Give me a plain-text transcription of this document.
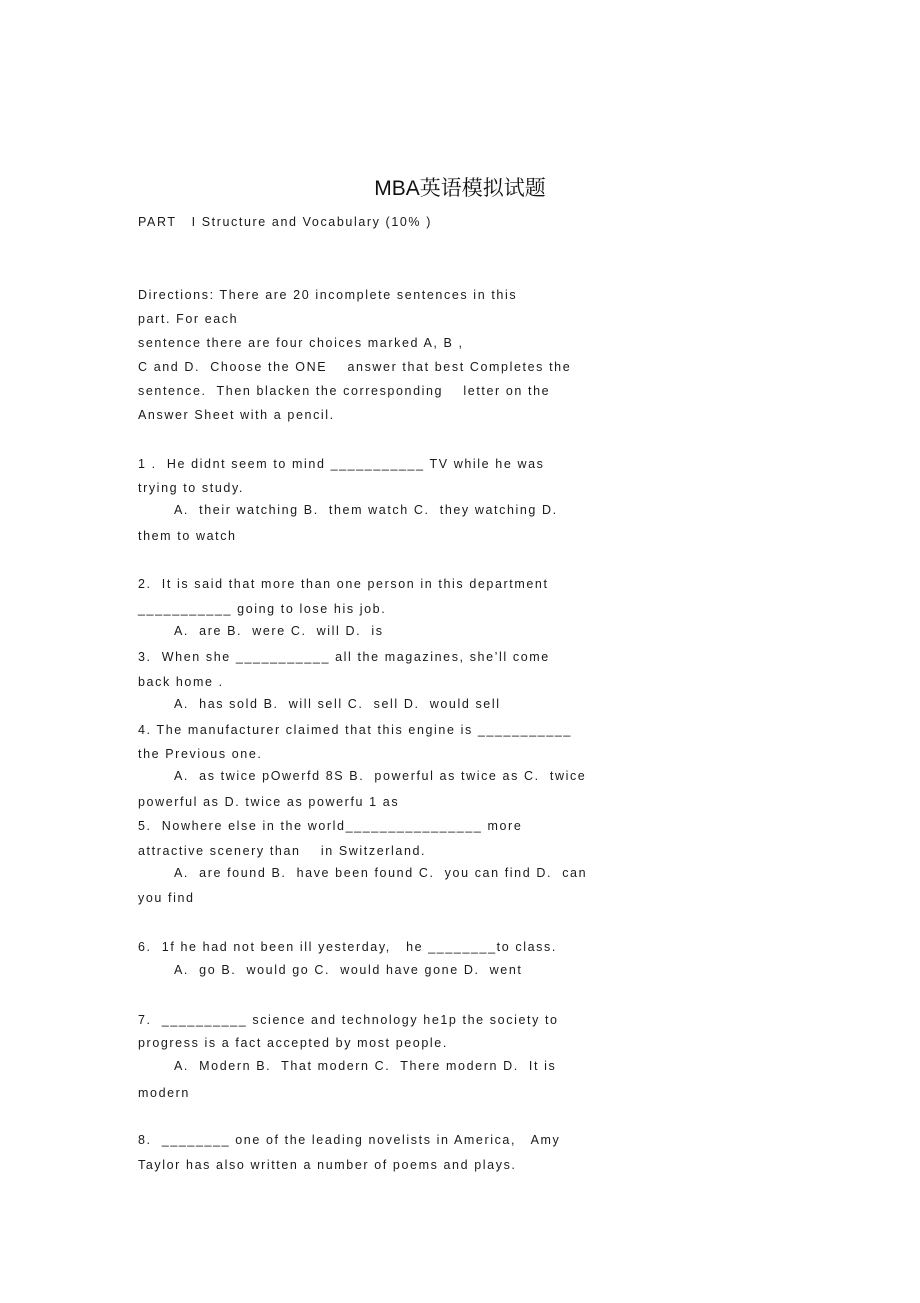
MBA英语模拟试题
PART   I Structure and Vocabulary (10% )
Directions: There are 20 incomplete sentences in this
part. For each
sentence there are four choices marked A, B ,
C and D.  Choose the ONE    answer that best Completes the
sentence.  Then blacken the corresponding    letter on the
Answer Sheet with a pencil.
1 .  He didnt seem to mind ___________ TV while he was
trying to study.
A.  their watching B.  them watch C.  they watching D.
them to watch
2.  It is said that more than one person in this department
___________ going to lose his job.
A.  are B.  were C.  will D.  is
3.  When she ___________ all the magazines, she’ll come
back home .
A.  has sold B.  will sell C.  sell D.  would sell
4. The manufacturer claimed that this engine is ___________
the Previous one.
A.  as twice pOwerfd 8S B.  powerful as twice as C.  twice
powerful as D. twice as powerfu 1 as
5.  Nowhere else in the world________________ more
attractive scenery than    in Switzerland.
A.  are found B.  have been found C.  you can find D.  can
you find
6.  1f he had not been ill yesterday,   he ________to class.
A.  go B.  would go C.  would have gone D.  went
7.  __________ science and technology he1p the society to
progress is a fact accepted by most people.
A.  Modern B.  That modern C.  There modern D.  It is
modern
8.  ________ one of the leading novelists in America,   Amy
Taylor has also written a number of poems and plays.
